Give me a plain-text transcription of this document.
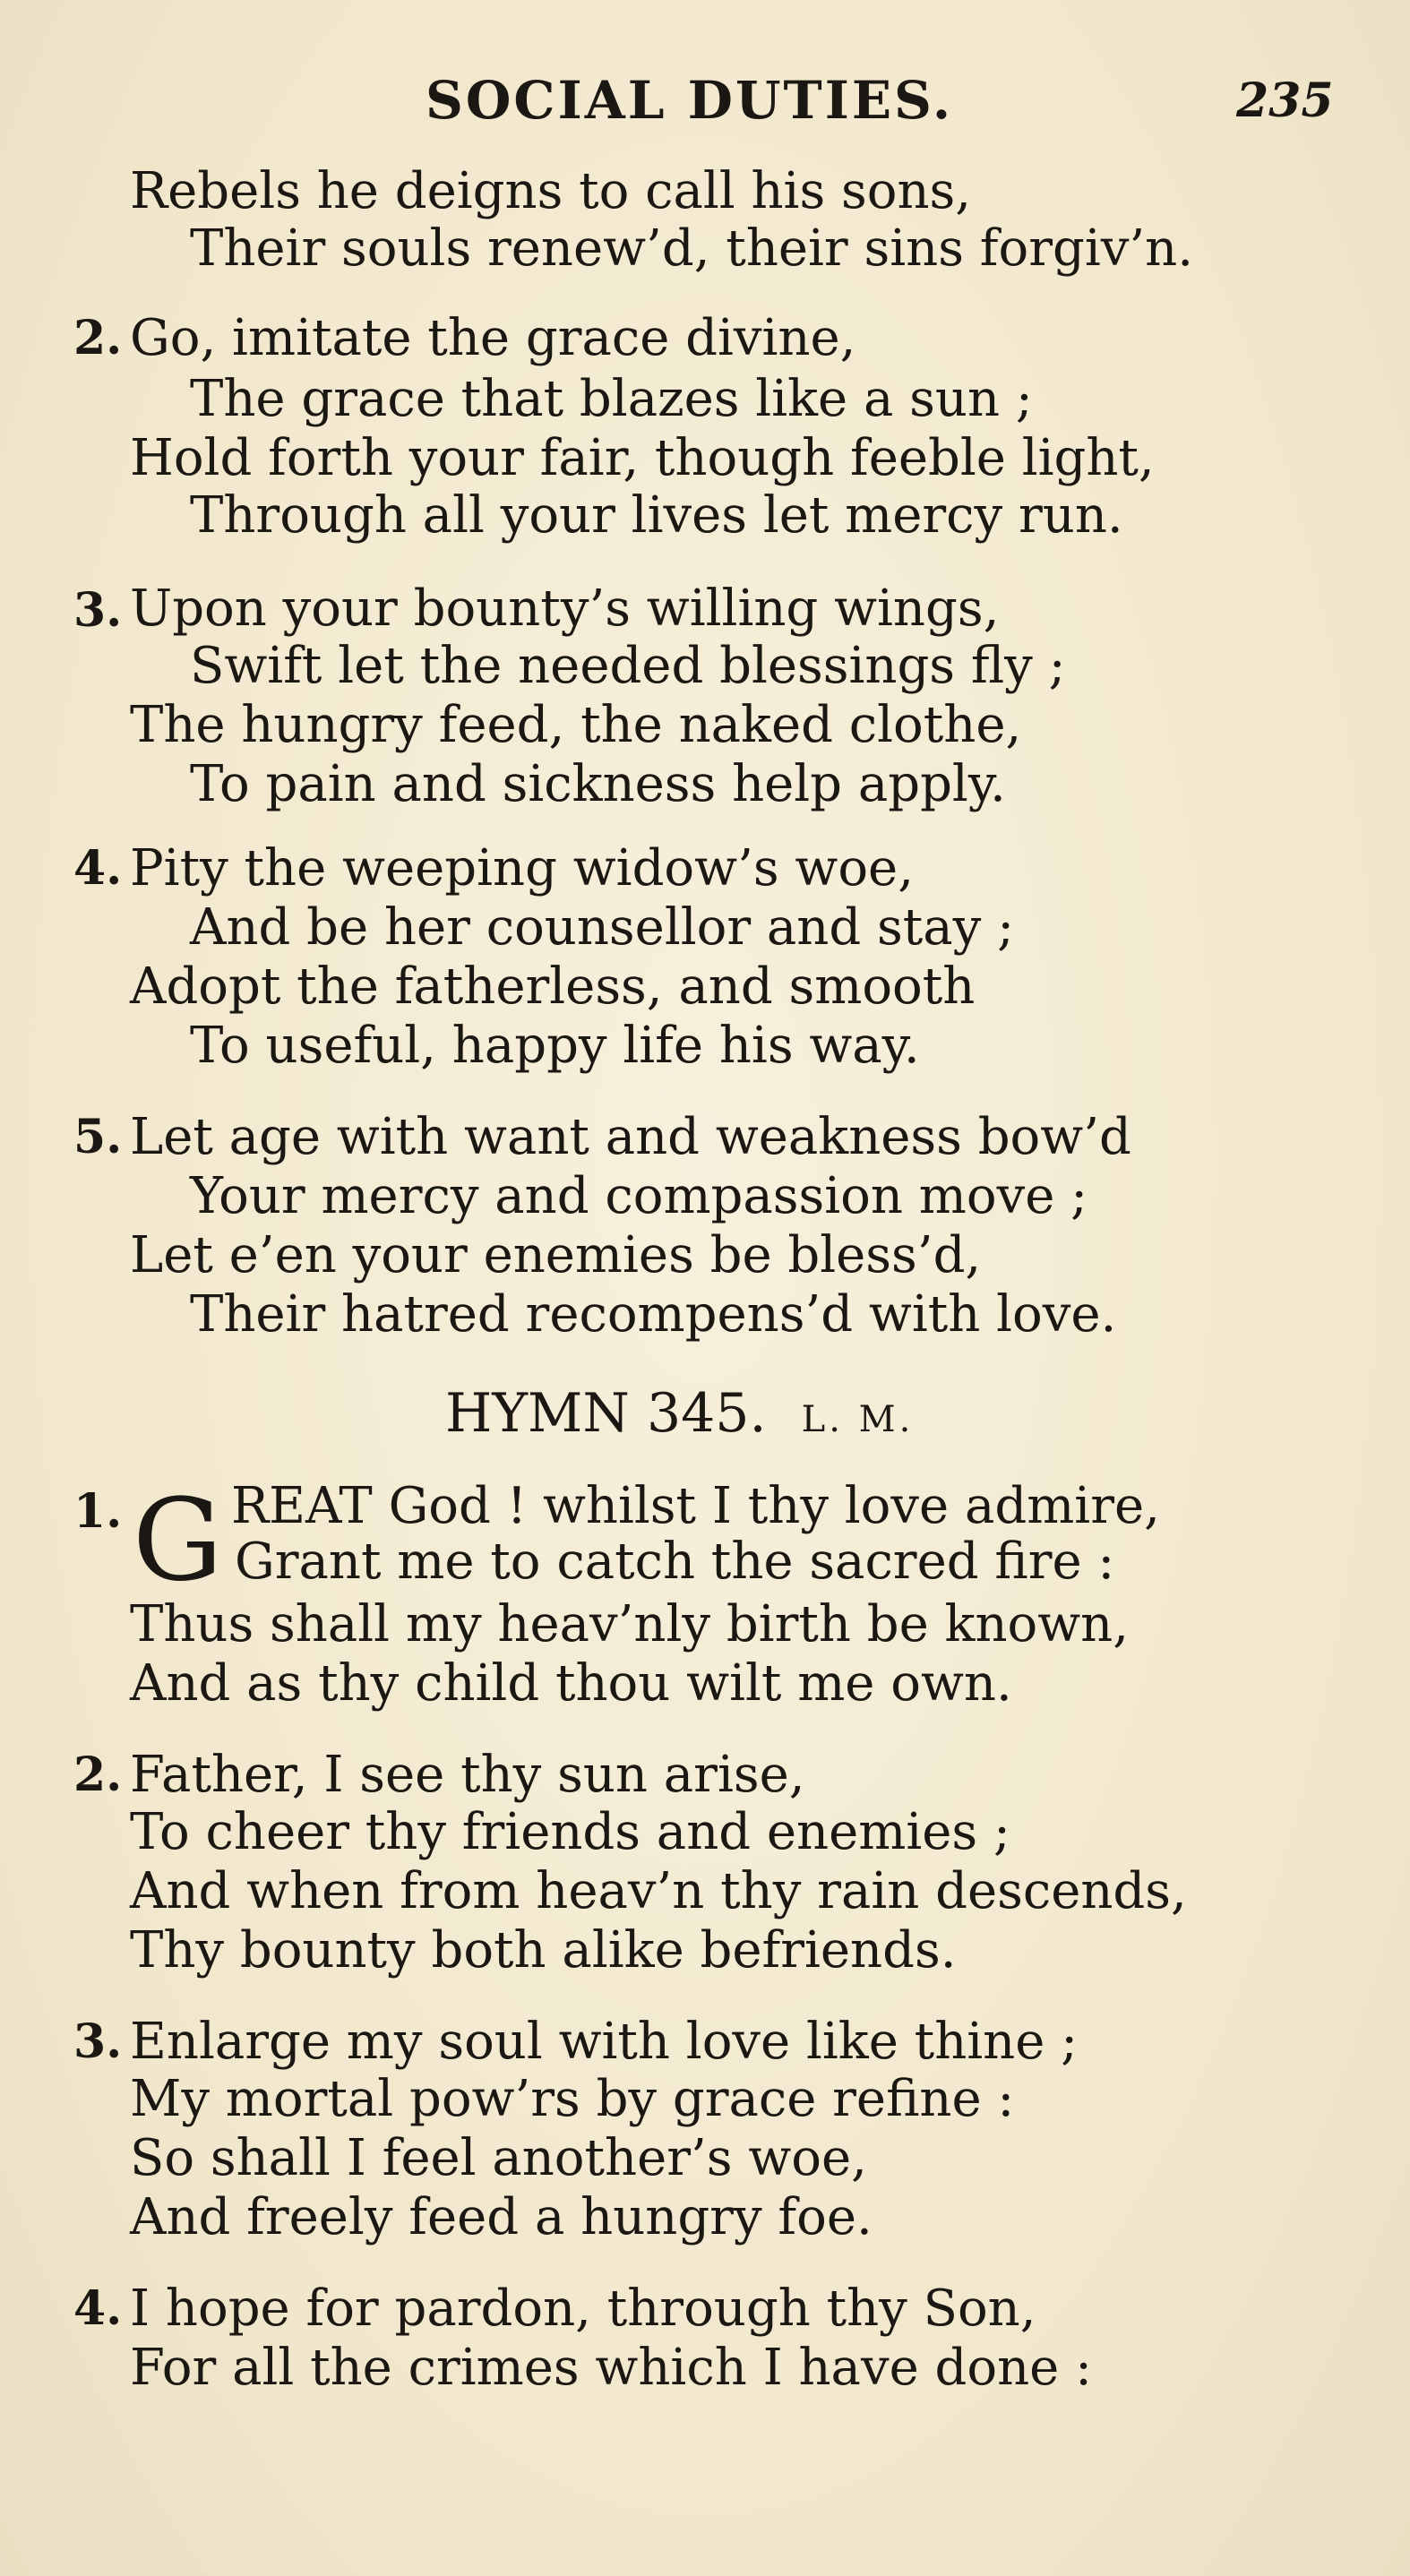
SOCIAL DUTIES.	235
Rebels he deigns to call his sons,
Their souls renew’d, their sins forgiv’n.
2. Go, imitate the grace divine,
The grace that blazes like a sun ;
Hold forth your fair, though feeble light,
Through all your lives let mercy run.
3. Upon your bounty’s willing wings,
Swift let the needed blessings fly ;
The hungry feed, the naked clothe,
To pain and sickness help apply.
4. Pity the weeping widow’s woe,
And be her counsellor and stay ;
Adopt the fatherless, and smooth
To useful, happy life his way.
5. Let age with want and weakness bow’d
Your mercy and compassion move ;
Let e’en your enemies be bless’d,
Their hatred recompens’d with love.
HYMN 345. L. M.
1. G REAT God ! whilst I thy love admire,
Grant me to catch the sacred fire :
Thus shall my heav’nly birth be known,
And as thy child thou wilt me own.
2. Father, I see thy sun arise,
To cheer thy friends and enemies ;
And when from heav’n thy rain descends,
Thy bounty both alike befriends.
3. Enlarge my soul with love like thine ;
My mortal pow’rs by grace refine :
So shall I feel another’s woe,
And freely feed a hungry foe.
4. I hope for pardon, through thy Son,
For all the crimes which I have done :
